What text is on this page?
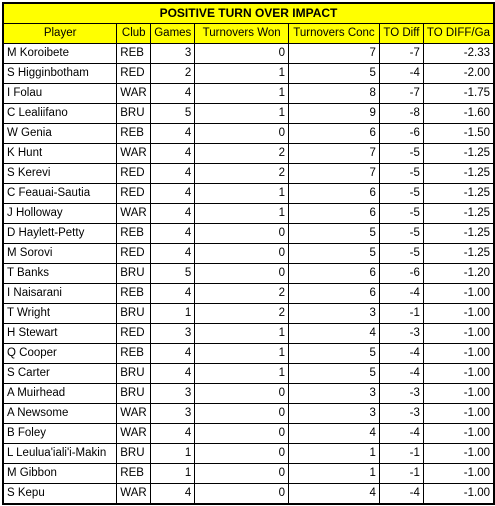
POSITIVE TURN OVER IMPACT						
Player	Club	Games	Turnovers Won	Turnovers Conc	TO Diff	TO DIFF/Ga
M Koroibete	REB	3	0	7	-7	-2.33
S Higginbotham	RED	2	1	5	-4	-2.00
I Folau	WAR	4	1	8	-7	-1.75
C Lealiifano	BRU	5	1	9	-8	-1.60
W Genia	REB	4	0	6	-6	-1.50
K Hunt	WAR	4	2	7	-5	-1.25
S Kerevi	RED	4	2	7	-5	-1.25
C Feauai-Sautia	RED	4	1	6	-5	-1.25
J Holloway	WAR	4	1	6	-5	-1.25
D Haylett-Petty	REB	4	0	5	-5	-1.25
M Sorovi	RED	4	0	5	-5	-1.25
T Banks	BRU	5	0	6	-6	-1.20
I Naisarani	REB	4	2	6	-4	-1.00
T Wright	BRU	1	2	3	-1	-1.00
H Stewart	RED	3	1	4	-3	-1.00
Q Cooper	REB	4	1	5	-4	-1.00
S Carter	BRU	4	1	5	-4	-1.00
A Muirhead	BRU	3	0	3	-3	-1.00
A Newsome	WAR	3	0	3	-3	-1.00
B Foley	WAR	4	0	4	-4	-1.00
L Leulua'iali'i-Makin	BRU	1	0	1	-1	-1.00
M Gibbon	REB	1	0	1	-1	-1.00
S Kepu	WAR	4	0	4	-4	-1.00
